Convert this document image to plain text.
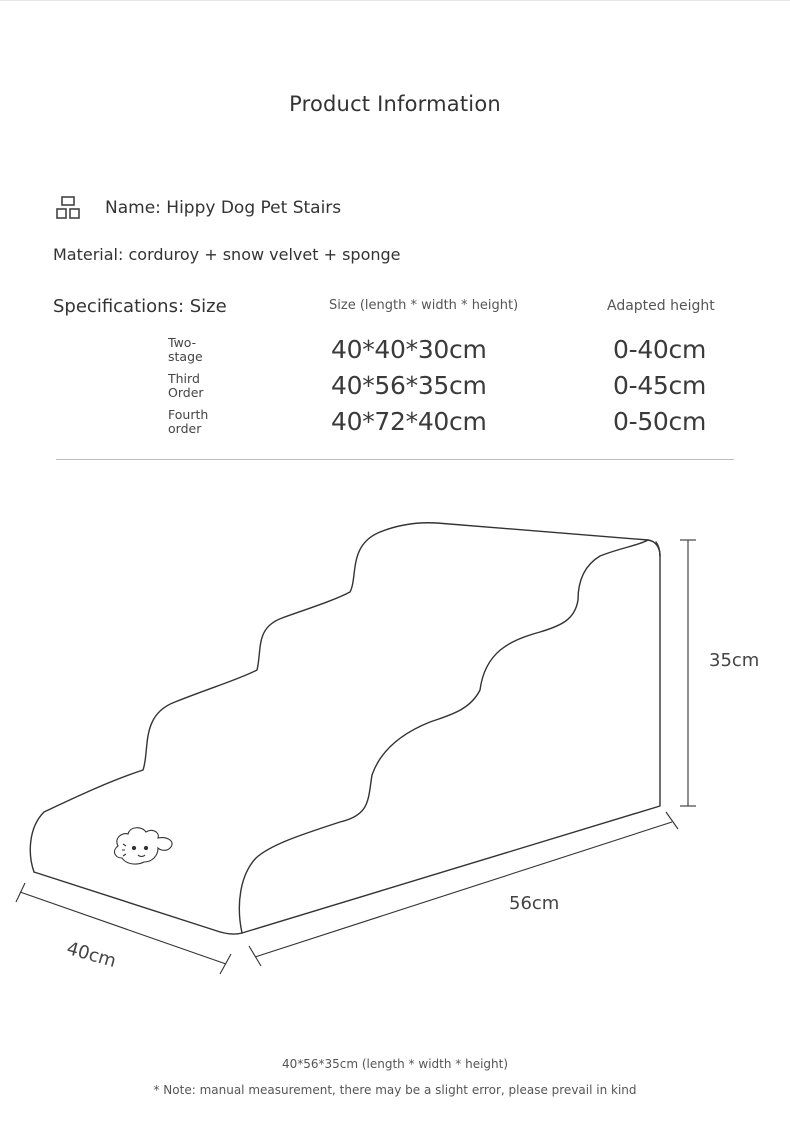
Product Information
Name: Hippy Dog Pet Stairs
Material: corduroy + snow velvet + sponge
Specifications: Size	Size (length * width * height)	Adapted height
Two-
stage	40*40*30cm	0-40cm
Third
Order	40*56*35cm	0-45cm
Fourth
order	40*72*40cm	0-50cm
35cm
56cm
40cm
40*56*35cm (length * width * height)
* Note: manual measurement, there may be a slight error, please prevail in kind
